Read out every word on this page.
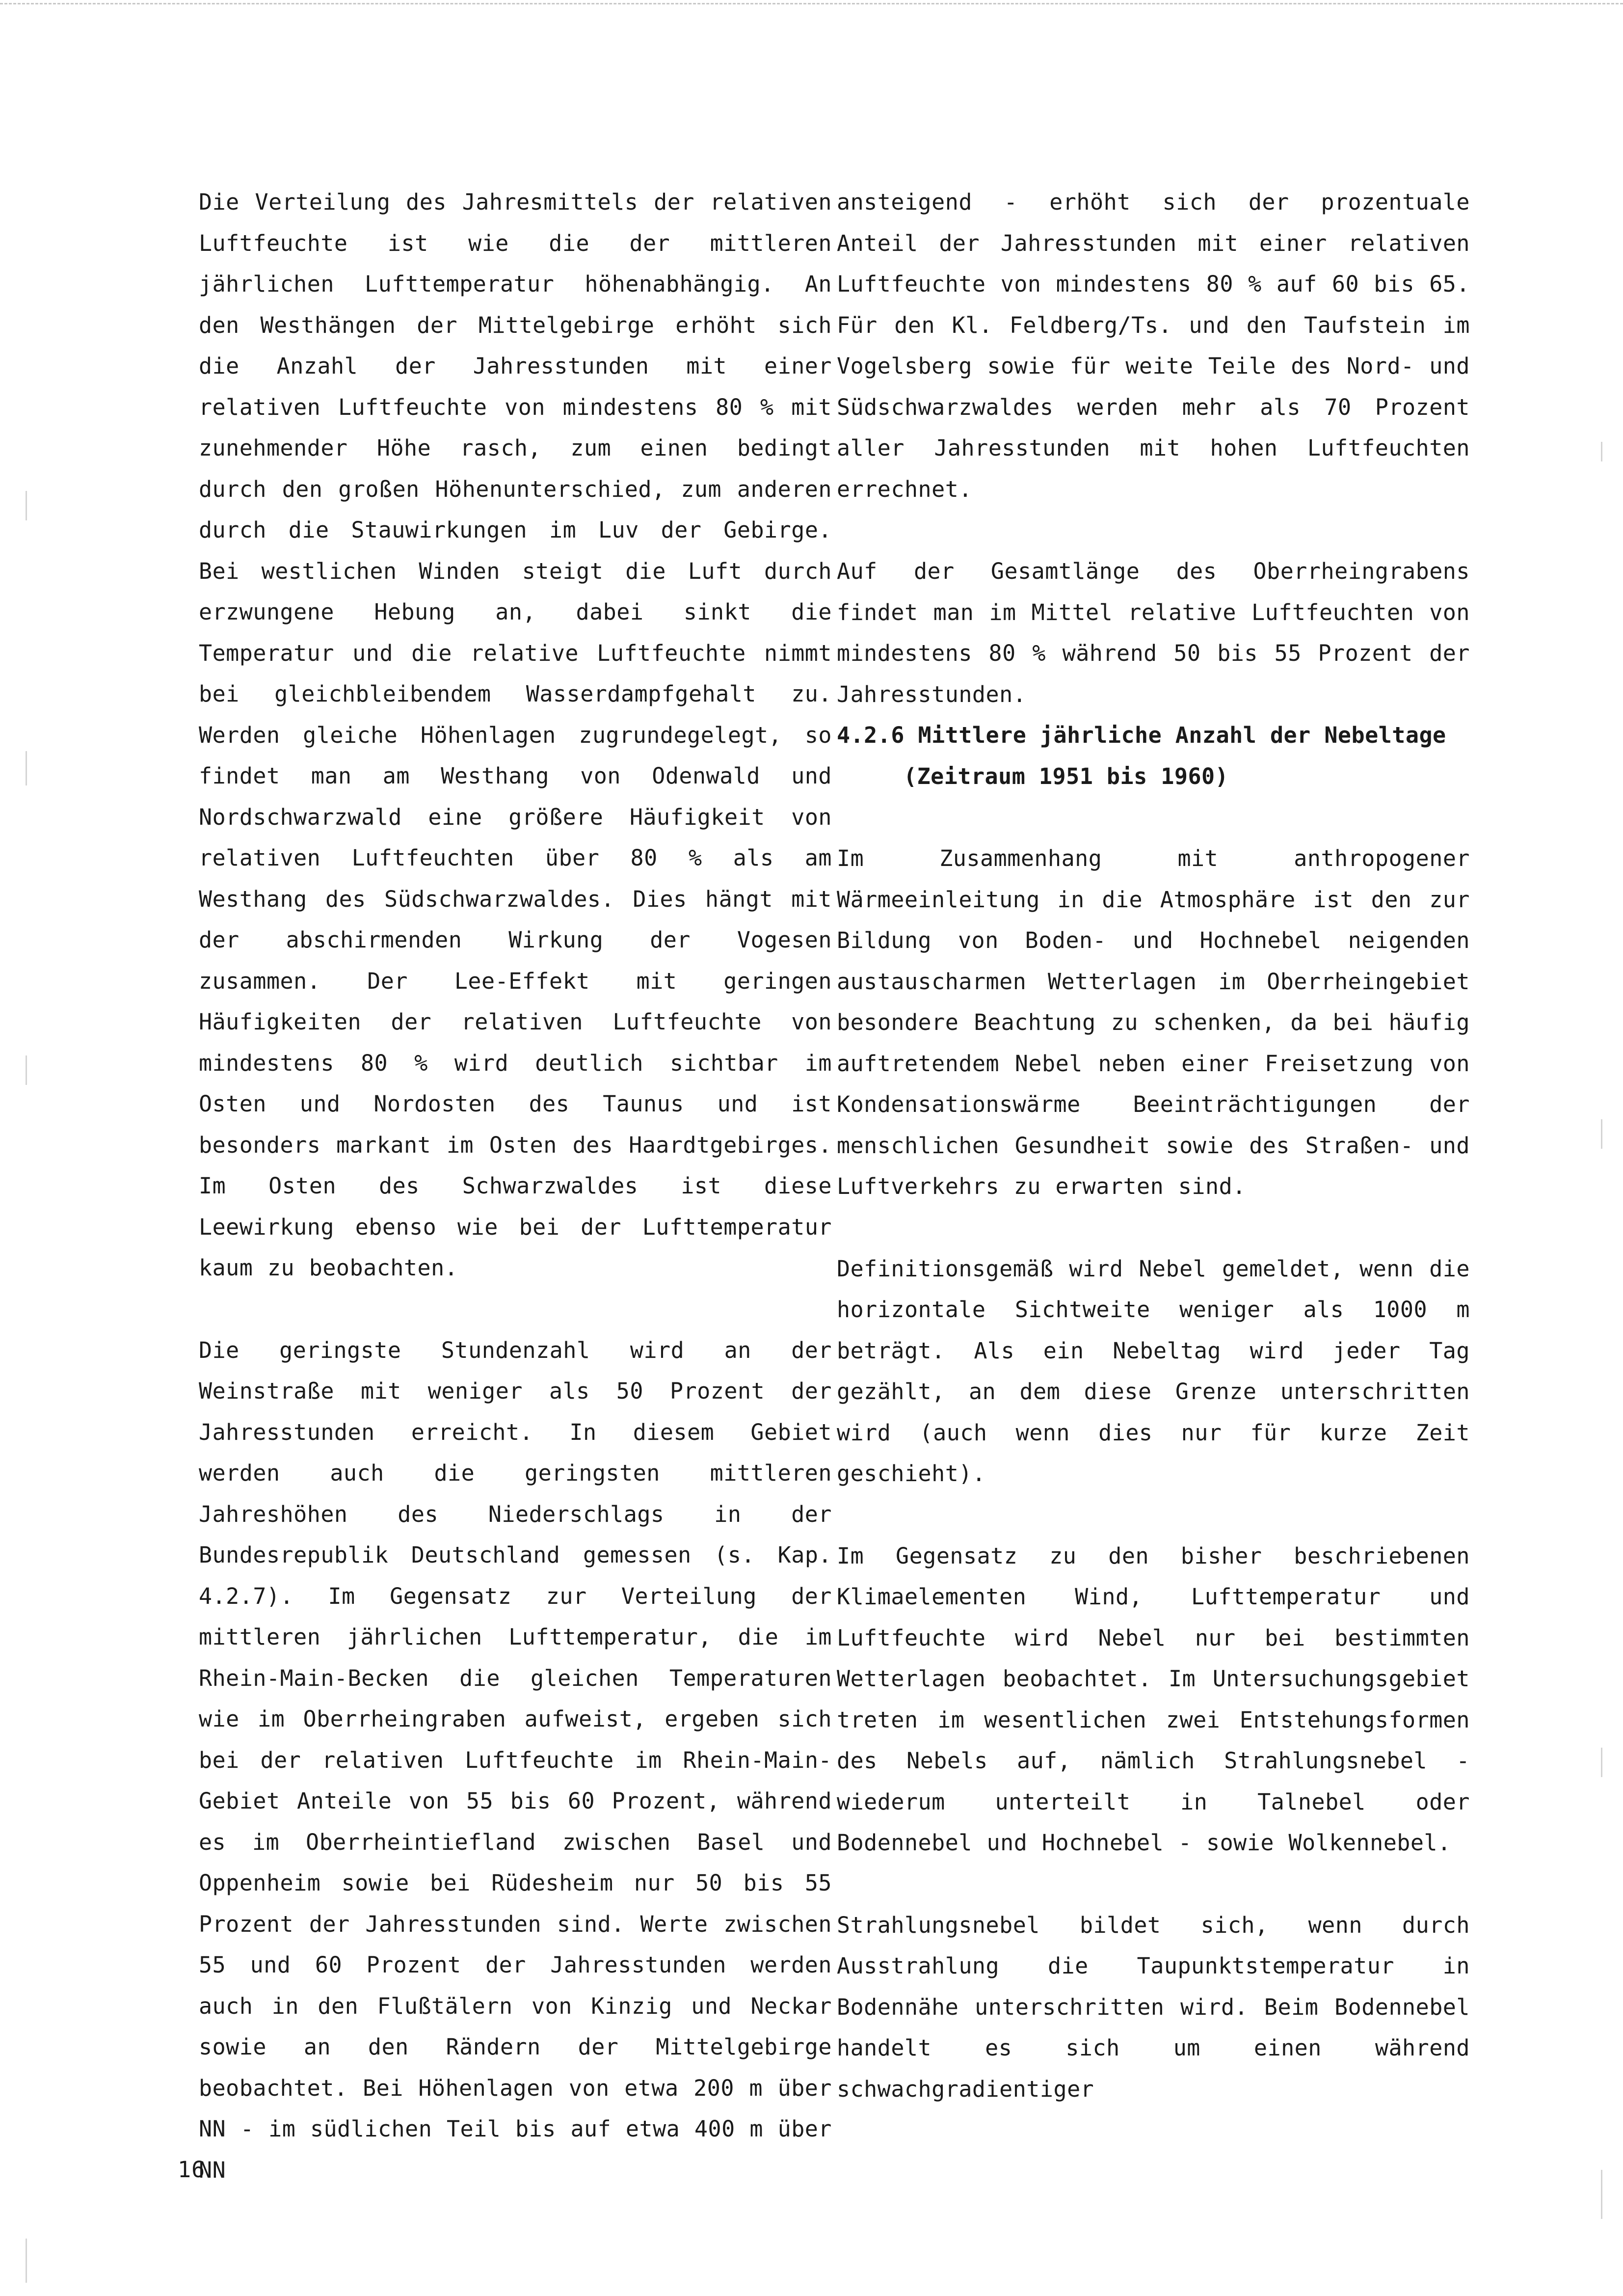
Die Verteilung des Jahresmittels der relativen Luftfeuchte ist wie die der mittleren jährlichen Lufttemperatur höhenabhängig. An den Westhängen der Mittelgebirge erhöht sich die Anzahl der Jahresstunden mit einer relativen Luftfeuchte von mindestens 80 % mit zunehmender Höhe rasch, zum einen bedingt durch den großen Höhenunterschied, zum anderen durch die Stauwirkungen im Luv der Gebirge. Bei westlichen Winden steigt die Luft durch erzwungene Hebung an, dabei sinkt die Temperatur und die relative Luftfeuchte nimmt bei gleichbleibendem Wasserdampfgehalt zu. Werden gleiche Höhenlagen zugrundegelegt, so findet man am Westhang von Odenwald und Nordschwarzwald eine größere Häufigkeit von relativen Luftfeuchten über 80 % als am Westhang des Südschwarzwaldes. Dies hängt mit der abschirmenden Wirkung der Vogesen zusammen. Der Lee-Effekt mit geringen Häufigkeiten der relativen Luftfeuchte von mindestens 80 % wird deutlich sichtbar im Osten und Nordosten des Taunus und ist besonders markant im Osten des Haardtgebirges. Im Osten des Schwarzwaldes ist diese Leewirkung ebenso wie bei der Lufttemperatur kaum zu beobachten.

Die geringste Stundenzahl wird an der Weinstraße mit weniger als 50 Prozent der Jahresstunden erreicht. In diesem Gebiet werden auch die geringsten mittleren Jahreshöhen des Niederschlags in der Bundesrepublik Deutschland gemessen (s. Kap. 4.2.7). Im Gegensatz zur Verteilung der mittleren jährlichen Lufttemperatur, die im Rhein-Main-Becken die gleichen Temperaturen wie im Oberrheingraben aufweist, ergeben sich bei der relativen Luftfeuchte im Rhein-Main-Gebiet Anteile von 55 bis 60 Prozent, während es im Oberrheintiefland zwischen Basel und Oppenheim sowie bei Rüdesheim nur 50 bis 55 Prozent der Jahresstunden sind. Werte zwischen 55 und 60 Prozent der Jahresstunden werden auch in den Flußtälern von Kinzig und Neckar sowie an den Rändern der Mittelgebirge beobachtet. Bei Höhenlagen von etwa 200 m über NN - im südlichen Teil bis auf etwa 400 m über NN

ansteigend - erhöht sich der prozentuale Anteil der Jahresstunden mit einer relativen Luftfeuchte von mindestens 80 % auf 60 bis 65. Für den Kl. Feldberg/Ts. und den Taufstein im Vogelsberg sowie für weite Teile des Nord- und Südschwarzwaldes werden mehr als 70 Prozent aller Jahresstunden mit hohen Luftfeuchten errechnet.

Auf der Gesamtlänge des Oberrheingrabens findet man im Mittel relative Luftfeuchten von mindestens 80 % während 50 bis 55 Prozent der Jahresstunden.

4.2.6 Mittlere jährliche Anzahl der Nebeltage
(Zeitraum 1951 bis 1960)

Im Zusammenhang mit anthropogener Wärmeeinleitung in die Atmosphäre ist den zur Bildung von Boden- und Hochnebel neigenden austauscharmen Wetterlagen im Oberrheingebiet besondere Beachtung zu schenken, da bei häufig auftretendem Nebel neben einer Freisetzung von Kondensationswärme Beeinträchtigungen der menschlichen Gesundheit sowie des Straßen- und Luftverkehrs zu erwarten sind.

Definitionsgemäß wird Nebel gemeldet, wenn die horizontale Sichtweite weniger als 1000 m beträgt. Als ein Nebeltag wird jeder Tag gezählt, an dem diese Grenze unterschritten wird (auch wenn dies nur für kurze Zeit geschieht).

Im Gegensatz zu den bisher beschriebenen Klimaelementen Wind, Lufttemperatur und Luftfeuchte wird Nebel nur bei bestimmten Wetterlagen beobachtet. Im Untersuchungsgebiet treten im wesentlichen zwei Entstehungsformen des Nebels auf, nämlich Strahlungsnebel - wiederum unterteilt in Talnebel oder Bodennebel und Hochnebel - sowie Wolkennebel.

Strahlungsnebel bildet sich, wenn durch Ausstrahlung die Taupunktstemperatur in Bodennähe unterschritten wird. Beim Bodennebel handelt es sich um einen während schwachgradientiger

16
